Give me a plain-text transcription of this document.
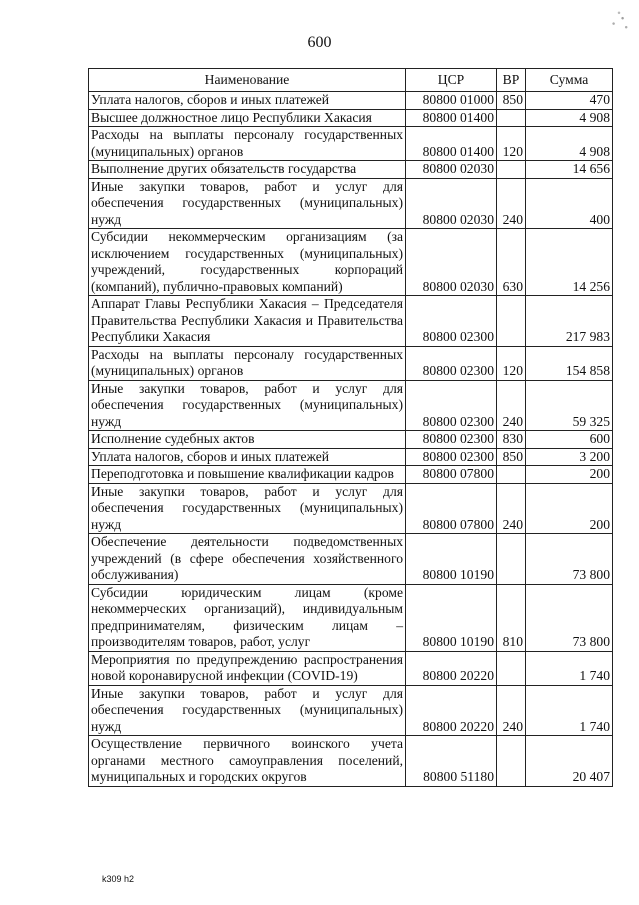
600
Наименование	ЦСР	ВР	Сумма
Уплата налогов, сборов и иных платежей	80800 01000	850	470
Высшее должностное лицо Республики Хакасия	80800 01400		4 908
Расходы на выплаты персоналу государственных (муниципальных) органов	80800 01400	120	4 908
Выполнение других обязательств государства	80800 02030		14 656
Иные закупки товаров, работ и услуг для обеспечения государственных (муниципальных) нужд	80800 02030	240	400
Субсидии некоммерческим организациям (за исключением государственных (муниципальных) учреждений, государственных корпораций (компаний), публично-правовых компаний)	80800 02030	630	14 256
Аппарат Главы Республики Хакасия – Председателя Правительства Республики Хакасия и Правительства Республики Хакасия	80800 02300		217 983
Расходы на выплаты персоналу государственных (муниципальных) органов	80800 02300	120	154 858
Иные закупки товаров, работ и услуг для обеспечения государственных (муниципальных) нужд	80800 02300	240	59 325
Исполнение судебных актов	80800 02300	830	600
Уплата налогов, сборов и иных платежей	80800 02300	850	3 200
Переподготовка и повышение квалификации кадров	80800 07800		200
Иные закупки товаров, работ и услуг для обеспечения государственных (муниципальных) нужд	80800 07800	240	200
Обеспечение деятельности подведомственных учреждений (в сфере обеспечения хозяйственного обслуживания)	80800 10190		73 800
Субсидии юридическим лицам (кроме некоммерческих организаций), индивидуальным предпринимателям, физическим лицам – производителям товаров, работ, услуг	80800 10190	810	73 800
Мероприятия по предупреждению распространения новой коронавирусной инфекции (COVID-19)	80800 20220		1 740
Иные закупки товаров, работ и услуг для обеспечения государственных (муниципальных) нужд	80800 20220	240	1 740
Осуществление первичного воинского учета органами местного самоуправления поселений, муниципальных и городских округов	80800 51180		20 407
k309 h2
